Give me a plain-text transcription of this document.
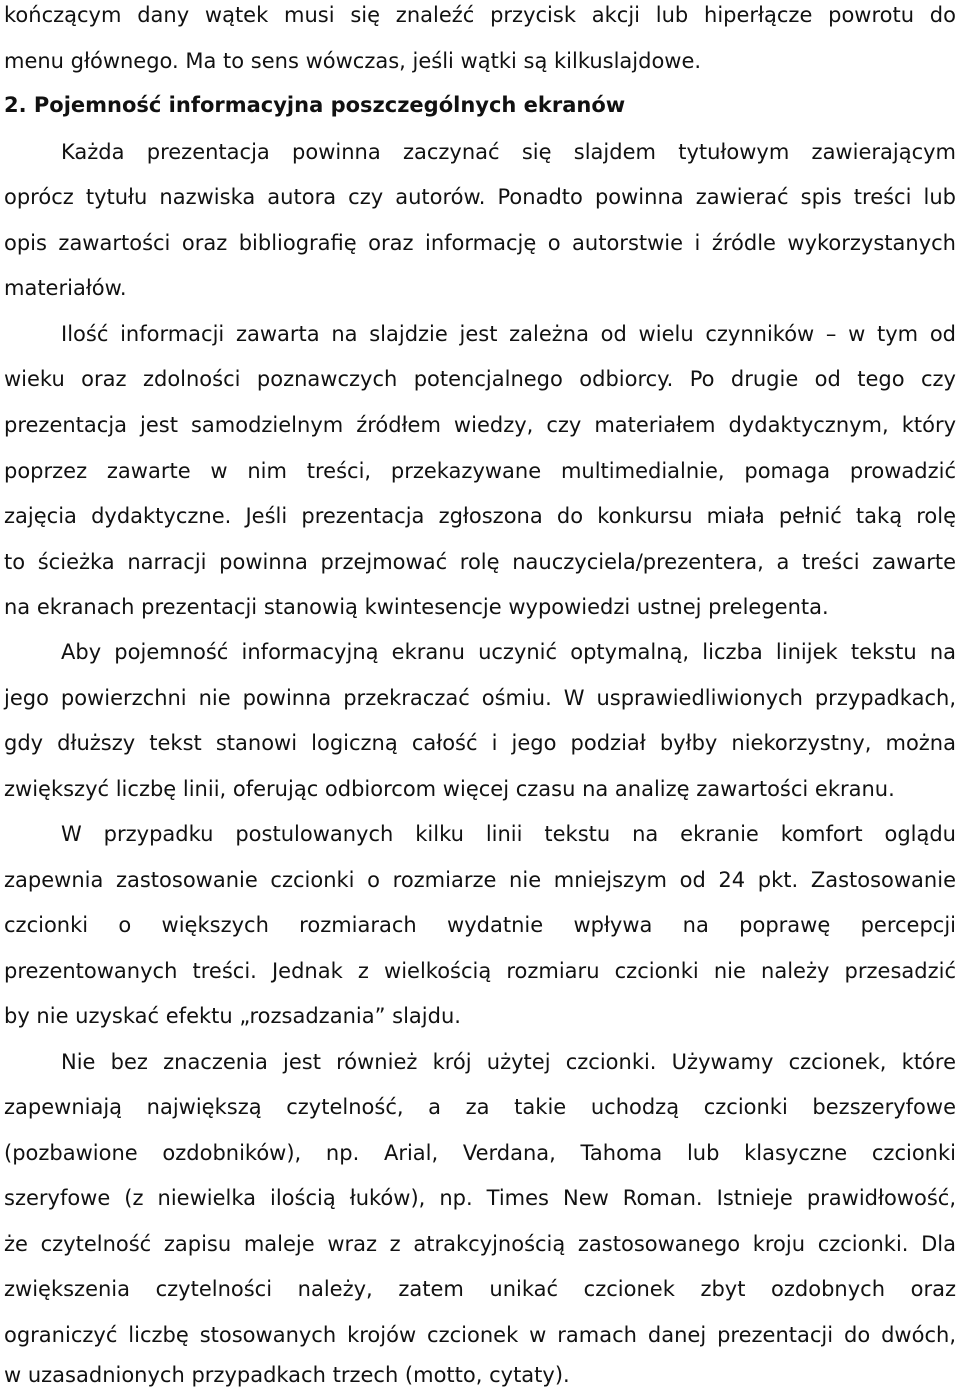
kończącym dany wątek musi się znaleźć przycisk akcji lub hiperłącze powrotu do
menu głównego. Ma to sens wówczas, jeśli wątki są kilkuslajdowe.
2. Pojemność informacyjna poszczególnych ekranów
Każda prezentacja powinna zaczynać się slajdem tytułowym zawierającym
oprócz tytułu nazwiska autora czy autorów. Ponadto powinna zawierać spis treści lub
opis zawartości oraz bibliografię oraz informację o autorstwie i źródle wykorzystanych
materiałów.
Ilość informacji zawarta na slajdzie jest zależna od wielu czynników – w tym od
wieku oraz zdolności poznawczych potencjalnego odbiorcy. Po drugie od tego czy
prezentacja jest samodzielnym źródłem wiedzy, czy materiałem dydaktycznym, który
poprzez zawarte w nim treści, przekazywane multimedialnie, pomaga prowadzić
zajęcia dydaktyczne. Jeśli prezentacja zgłoszona do konkursu miała pełnić taką rolę
to ścieżka narracji powinna przejmować rolę nauczyciela/prezentera, a treści zawarte
na ekranach prezentacji stanowią kwintesencje wypowiedzi ustnej prelegenta.
Aby pojemność informacyjną ekranu uczynić optymalną, liczba linijek tekstu na
jego powierzchni nie powinna przekraczać ośmiu. W usprawiedliwionych przypadkach,
gdy dłuższy tekst stanowi logiczną całość i jego podział byłby niekorzystny, można
zwiększyć liczbę linii, oferując odbiorcom więcej czasu na analizę zawartości ekranu.
W przypadku postulowanych kilku linii tekstu na ekranie komfort oglądu
zapewnia zastosowanie czcionki o rozmiarze nie mniejszym od 24 pkt. Zastosowanie
czcionki o większych rozmiarach wydatnie wpływa na poprawę percepcji
prezentowanych treści. Jednak z wielkością rozmiaru czcionki nie należy przesadzić
by nie uzyskać efektu „rozsadzania” slajdu.
Nie bez znaczenia jest również krój użytej czcionki. Używamy czcionek, które
zapewniają największą czytelność, a za takie uchodzą czcionki bezszeryfowe
(pozbawione ozdobników), np. Arial, Verdana, Tahoma lub klasyczne czcionki
szeryfowe (z niewielka ilością łuków), np. Times New Roman. Istnieje prawidłowość,
że czytelność zapisu maleje wraz z atrakcyjnością zastosowanego kroju czcionki. Dla
zwiększenia czytelności należy, zatem unikać czcionek zbyt ozdobnych oraz
ograniczyć liczbę stosowanych krojów czcionek w ramach danej prezentacji do dwóch,
w uzasadnionych przypadkach trzech (motto, cytaty).
